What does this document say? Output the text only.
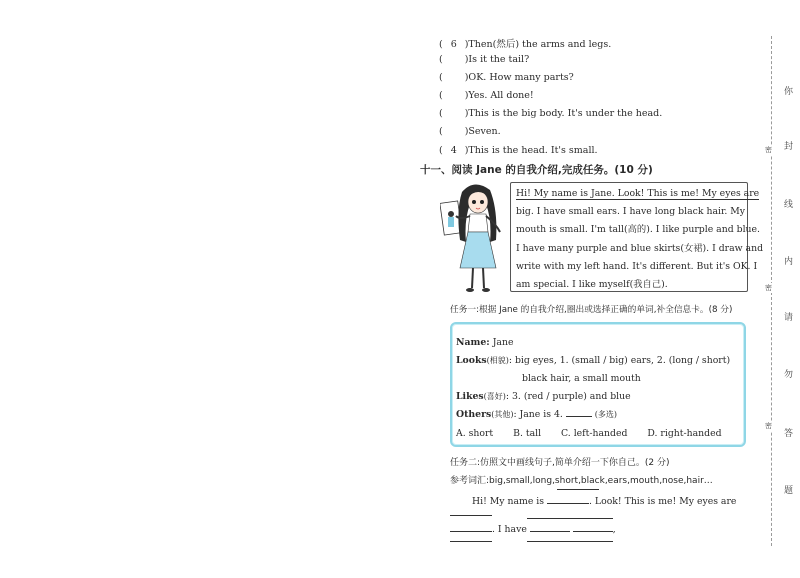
( 6 )Then(然后) the arms and legs.
( )Is it the tail?
( )OK. How many parts?
( )Yes. All done!
( )This is the big body. It's under the head.
( )Seven.
( 4 )This is the head. It's small.
十一、阅读 Jane 的自我介绍,完成任务。(10 分)
Hi! My name is Jane. Look! This is me! My eyes are
big. I have small ears. I have long black hair. My
mouth is small. I'm tall(高的). I like purple and blue.
I have many purple and blue skirts(女裙). I draw and
write with my left hand. It's different. But it's OK. I
am special. I like myself(我自己).
任务一:根据 Jane 的自我介绍,圈出或选择正确的单词,补全信息卡。(8 分)
Name: Jane
Looks(相貌): big eyes, 1. (small / big) ears, 2. (long / short)
black hair, a small mouth
Likes(喜好): 3. (red / purple) and blue
Others(其他): Jane is 4.	(多选)
A. short B. tall C. left-handed D. right-handed
任务二:仿照文中画线句子,简单介绍一下你自己。(2 分)
参考词汇:big,small,long,short,black,ears,mouth,nose,hair…
Hi! My name is	. Look! This is me! My eyes are
. I have	,
你
封
线
内
请
勿
答
题
密
密
密
